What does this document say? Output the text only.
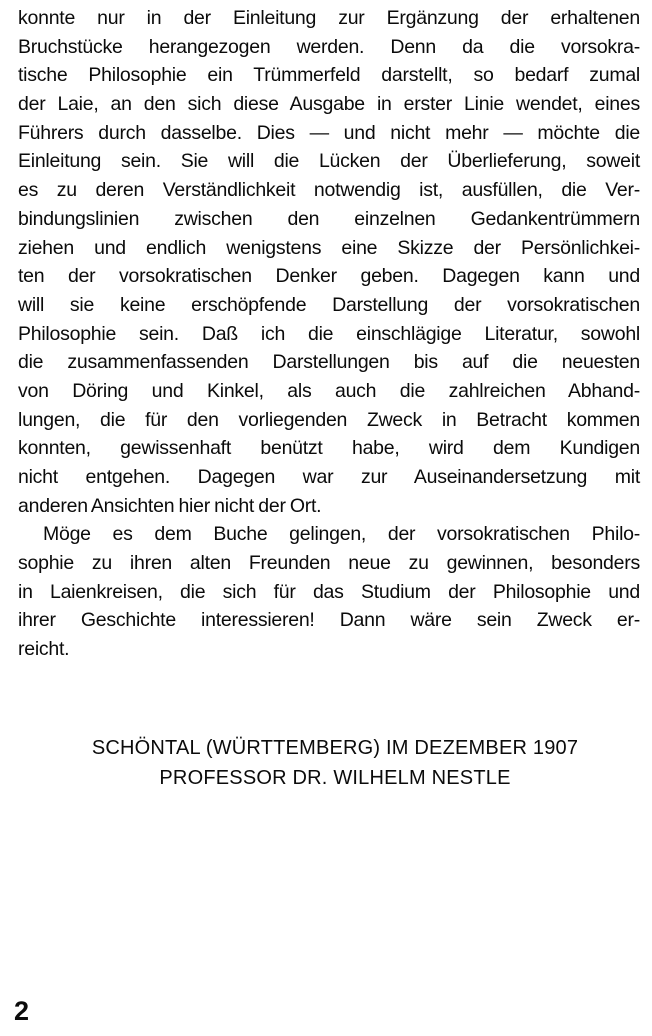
konnte nur in der Einleitung zur Ergänzung der erhaltenen
Bruchstücke herangezogen werden. Denn da die vorsokra-
tische Philosophie ein Trümmerfeld darstellt, so bedarf zumal
der Laie, an den sich diese Ausgabe in erster Linie wendet, eines
Führers durch dasselbe. Dies — und nicht mehr — möchte die
Einleitung sein. Sie will die Lücken der Überlieferung, soweit
es zu deren Verständlichkeit notwendig ist, ausfüllen, die Ver-
bindungslinien zwischen den einzelnen Gedankentrümmern
ziehen und endlich wenigstens eine Skizze der Persönlichkei-
ten der vorsokratischen Denker geben. Dagegen kann und
will sie keine erschöpfende Darstellung der vorsokratischen
Philosophie sein. Daß ich die einschlägige Literatur, sowohl
die zusammenfassenden Darstellungen bis auf die neuesten
von Döring und Kinkel, als auch die zahlreichen Abhand-
lungen, die für den vorliegenden Zweck in Betracht kommen
konnten, gewissenhaft benützt habe, wird dem Kundigen
nicht entgehen. Dagegen war zur Auseinandersetzung mit
anderen Ansichten hier nicht der Ort.
Möge es dem Buche gelingen, der vorsokratischen Philo-
sophie zu ihren alten Freunden neue zu gewinnen, besonders
in Laienkreisen, die sich für das Studium der Philosophie und
ihrer Geschichte interessieren! Dann wäre sein Zweck er-
reicht.
SCHÖNTAL (WÜRTTEMBERG) IM DEZEMBER 1907
PROFESSOR DR. WILHELM NESTLE
2
